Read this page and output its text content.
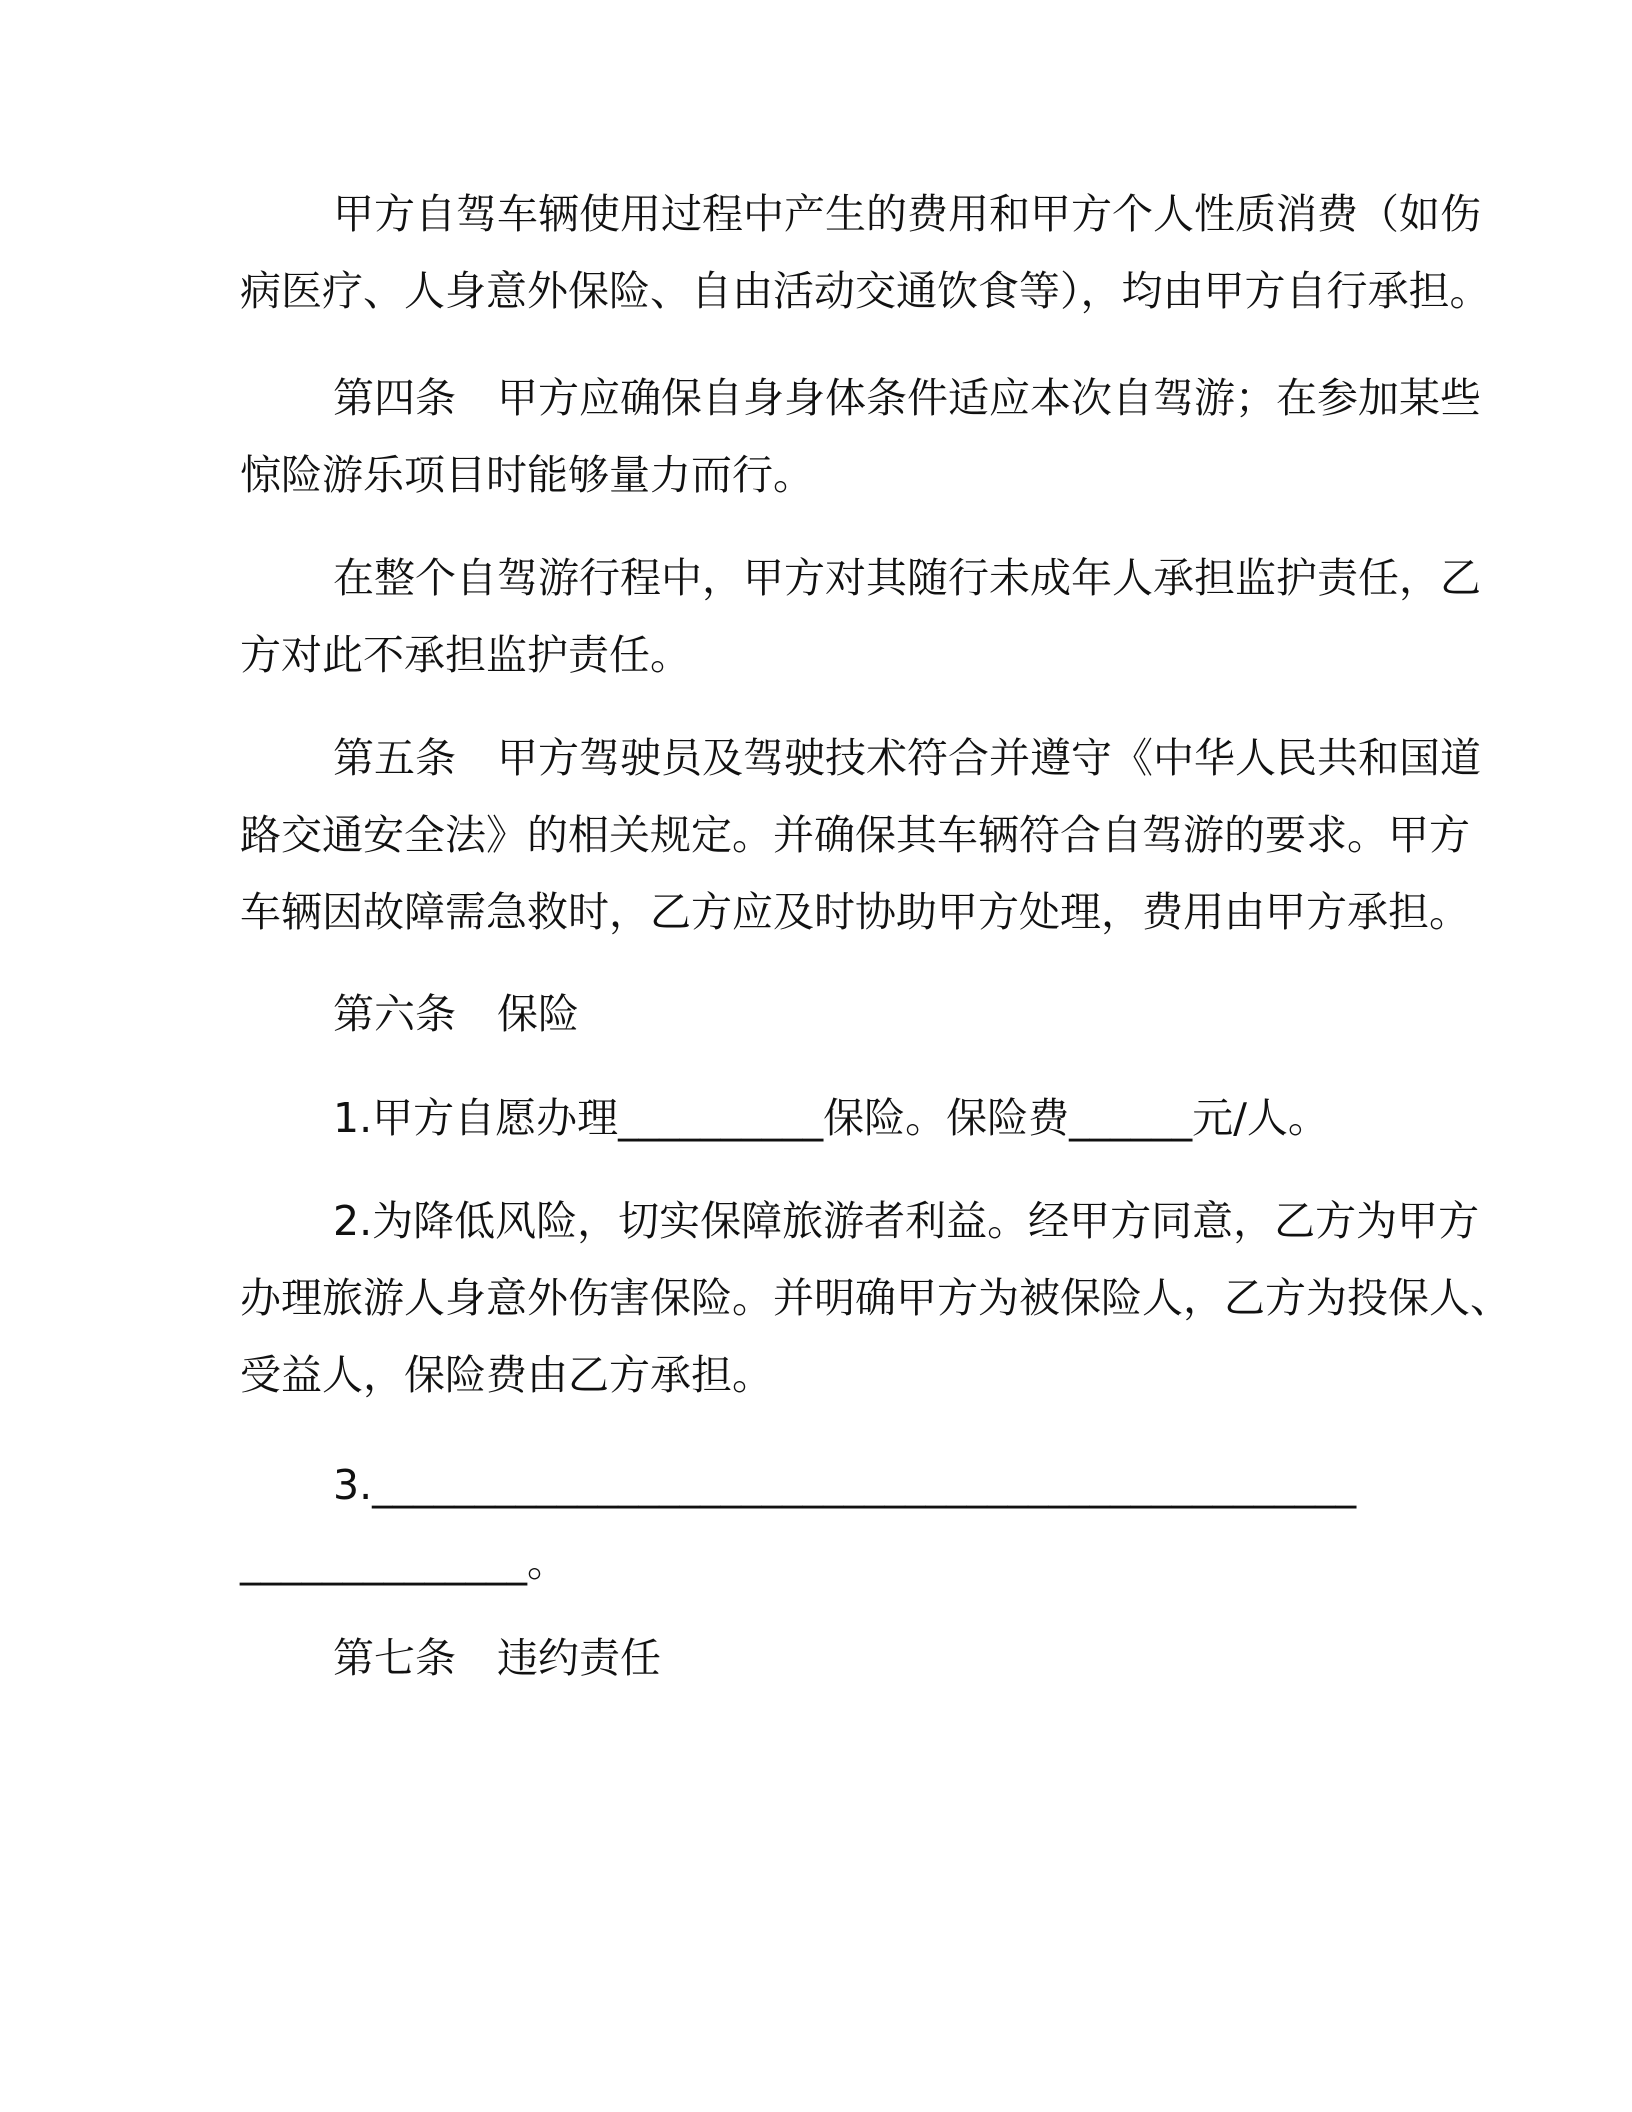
甲方自驾车辆使用过程中产生的费用和甲方个人性质消费（如伤
病医疗、人身意外保险、自由活动交通饮食等），均由甲方自行承担。
第四条　甲方应确保自身身体条件适应本次自驾游；在参加某些
惊险游乐项目时能够量力而行。
在整个自驾游行程中，甲方对其随行未成年人承担监护责任，乙
方对此不承担监护责任。
第五条　甲方驾驶员及驾驶技术符合并遵守《中华人民共和国道
路交通安全法》的相关规定。并确保其车辆符合自驾游的要求。甲方
车辆因故障需急救时，乙方应及时协助甲方处理，费用由甲方承担。
第六条　保险
1.甲方自愿办理__________保险。保险费______元/人。
2.为降低风险，切实保障旅游者利益。经甲方同意，乙方为甲方
办理旅游人身意外伤害保险。并明确甲方为被保险人，乙方为投保人、
受益人，保险费由乙方承担。
3.________________________________________________
______________。
第七条　违约责任
